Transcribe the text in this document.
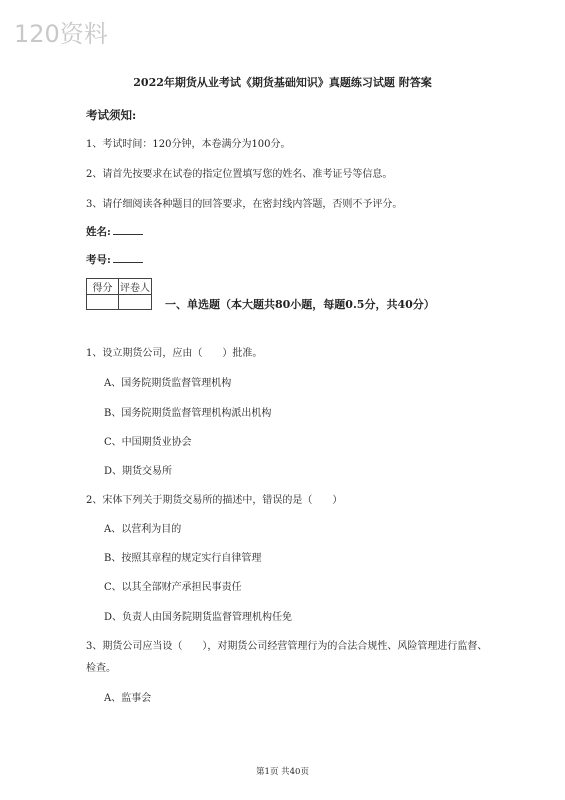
120资料
2022年期货从业考试《期货基础知识》真题练习试题 附答案
考试须知:
1、考试时间：120分钟，本卷满分为100分。
2、请首先按要求在试卷的指定位置填写您的姓名、准考证号等信息。
3、请仔细阅读各种题目的回答要求，在密封线内答题，否则不予评分。
姓名:
考号:
得分	评卷人

一、单选题（本大题共80小题，每题0.5分，共40分）
1、设立期货公司，应由（　　）批准。
A、国务院期货监督管理机构
B、国务院期货监督管理机构派出机构
C、中国期货业协会
D、期货交易所
2、宋体下列关于期货交易所的描述中，错误的是（　　）
A、以营利为目的
B、按照其章程的规定实行自律管理
C、以其全部财产承担民事责任
D、负责人由国务院期货监督管理机构任免
3、期货公司应当设（　　），对期货公司经营管理行为的合法合规性、风险管理进行监督、
检查。
A、监事会
第1页 共40页
